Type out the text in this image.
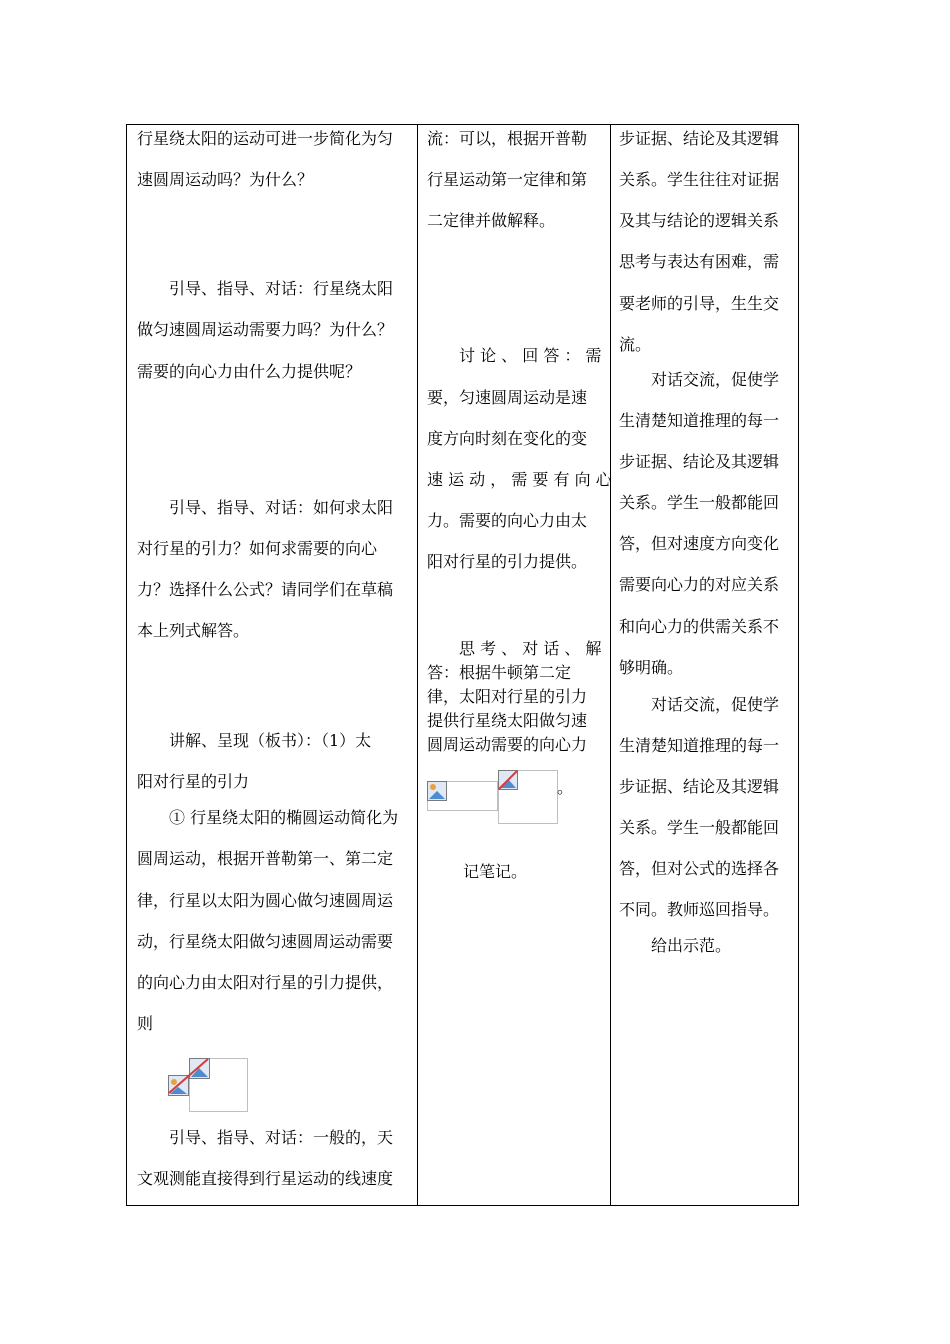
行星绕太阳的运动可进一步简化为匀
速圆周运动吗？为什么？
引导、指导、对话：行星绕太阳
做匀速圆周运动需要力吗？为什么？
需要的向心力由什么力提供呢？
引导、指导、对话：如何求太阳
对行星的引力？如何求需要的向心
力？选择什么公式？请同学们在草稿
本上列式解答。
讲解、呈现（板书）：（1）太
阳对行星的引力
① 行星绕太阳的椭圆运动简化为
圆周运动，根据开普勒第一、第二定
律，行星以太阳为圆心做匀速圆周运
动，行星绕太阳做匀速圆周运动需要
的向心力由太阳对行星的引力提供，
则
引导、指导、对话：一般的，天
文观测能直接得到行星运动的线速度
流：可以，根据开普勒
行星运动第一定律和第
二定律并做解释。
讨 论 、 回 答 ： 需
要，匀速圆周运动是速
度方向时刻在变化的变
速 运 动 ， 需 要 有 向 心
力。需要的向心力由太
阳对行星的引力提供。
思 考 、 对 话 、 解
答：根据牛顿第二定
律，太阳对行星的引力
提供行星绕太阳做匀速
圆周运动需要的向心力
。
记笔记。
步证据、结论及其逻辑
关系。学生往往对证据
及其与结论的逻辑关系
思考与表达有困难，需
要老师的引导，生生交
流。
对话交流，促使学
生清楚知道推理的每一
步证据、结论及其逻辑
关系。学生一般都能回
答，但对速度方向变化
需要向心力的对应关系
和向心力的供需关系不
够明确。
对话交流，促使学
生清楚知道推理的每一
步证据、结论及其逻辑
关系。学生一般都能回
答，但对公式的选择各
不同。教师巡回指导。
给出示范。
